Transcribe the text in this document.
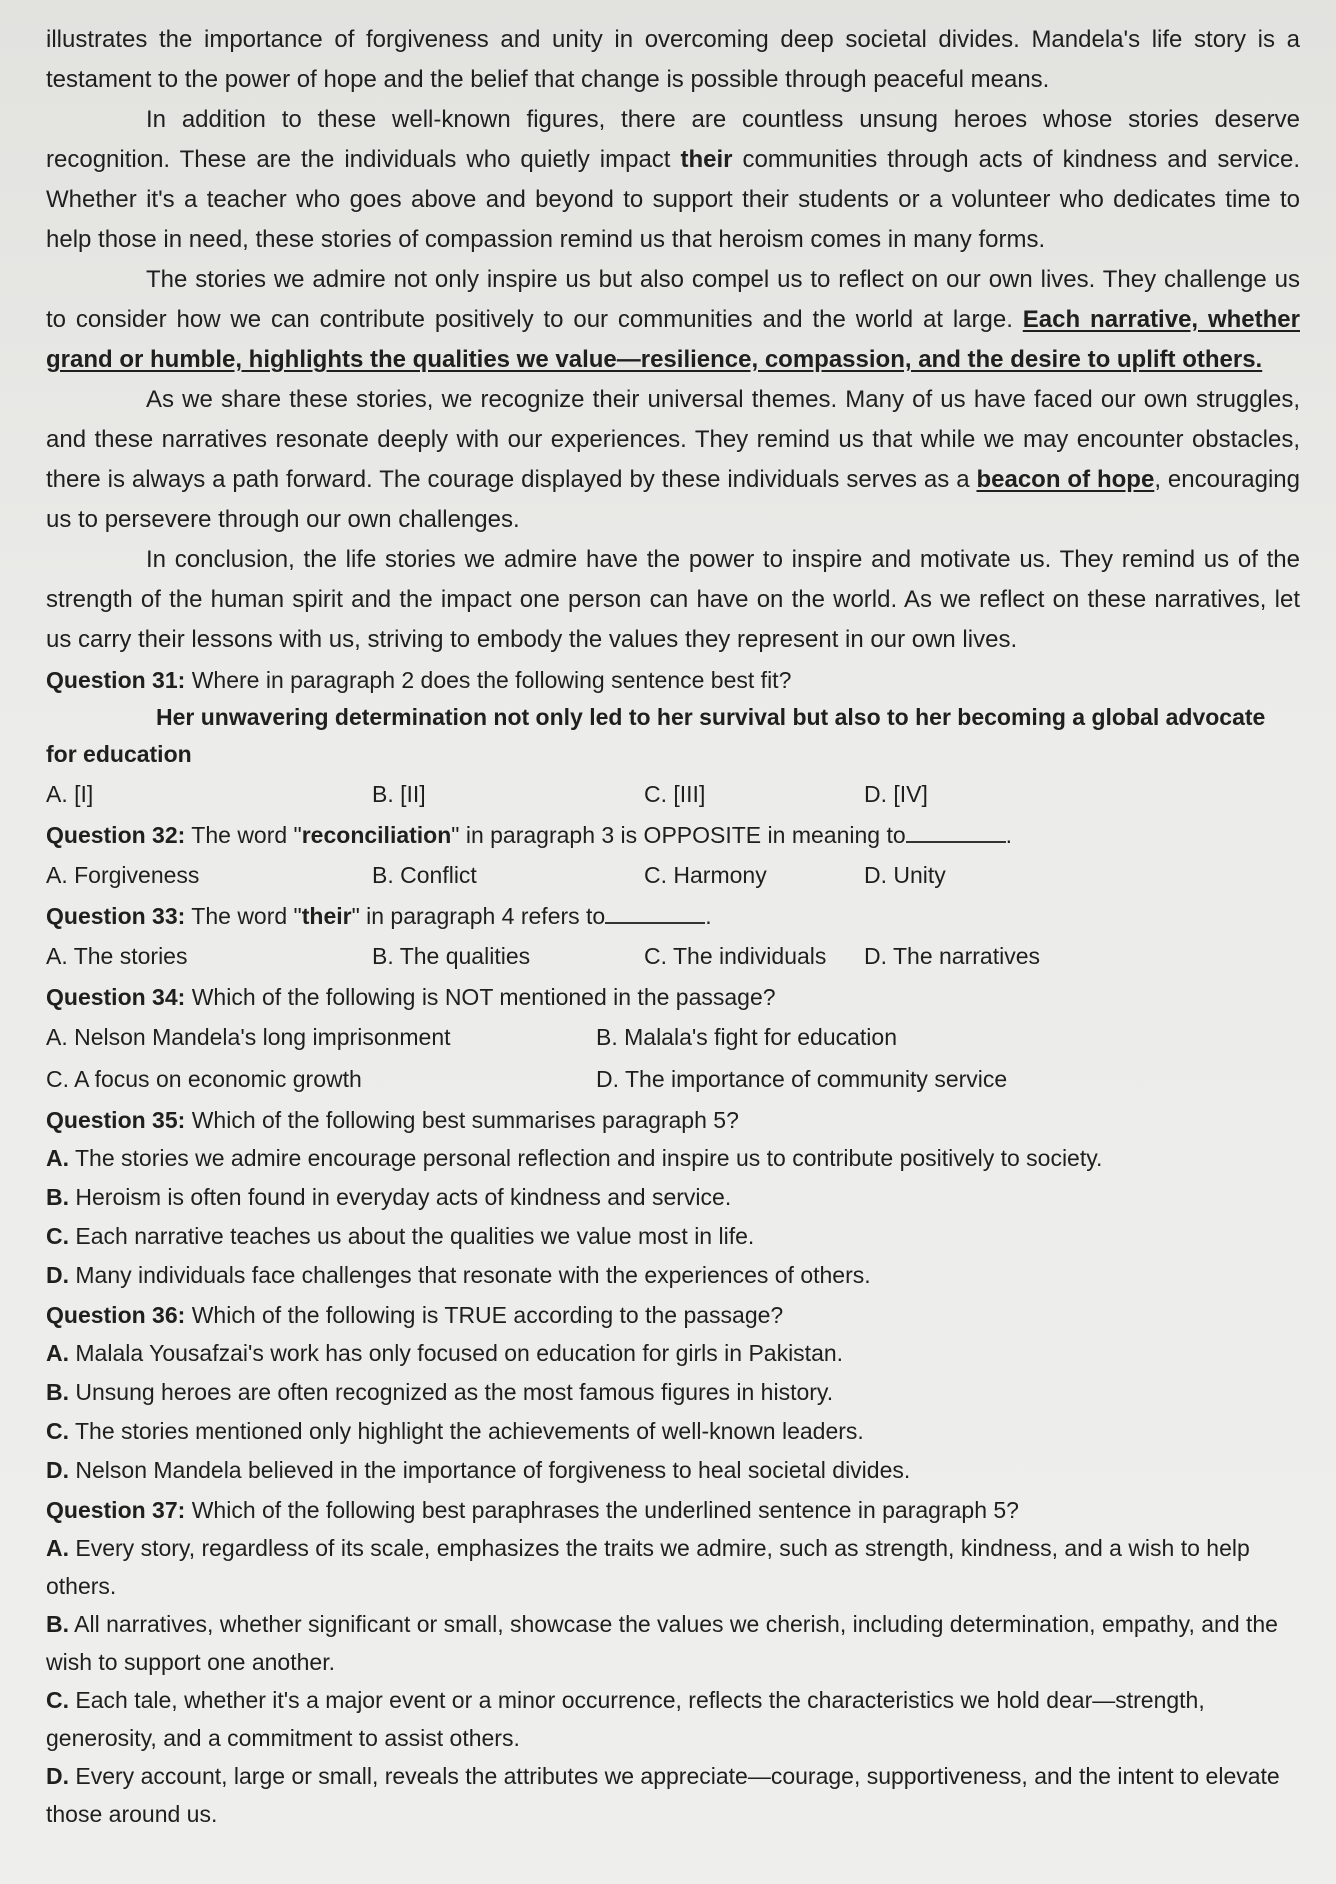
illustrates the importance of forgiveness and unity in overcoming deep societal divides. Mandela's life story is a testament to the power of hope and the belief that change is possible through peaceful means.

In addition to these well-known figures, there are countless unsung heroes whose stories deserve recognition. These are the individuals who quietly impact their communities through acts of kindness and service. Whether it's a teacher who goes above and beyond to support their students or a volunteer who dedicates time to help those in need, these stories of compassion remind us that heroism comes in many forms.

The stories we admire not only inspire us but also compel us to reflect on our own lives. They challenge us to consider how we can contribute positively to our communities and the world at large. Each narrative, whether grand or humble, highlights the qualities we value—resilience, compassion, and the desire to uplift others.

As we share these stories, we recognize their universal themes. Many of us have faced our own struggles, and these narratives resonate deeply with our experiences. They remind us that while we may encounter obstacles, there is always a path forward. The courage displayed by these individuals serves as a beacon of hope, encouraging us to persevere through our own challenges.

In conclusion, the life stories we admire have the power to inspire and motivate us. They remind us of the strength of the human spirit and the impact one person can have on the world. As we reflect on these narratives, let us carry their lessons with us, striving to embody the values they represent in our own lives.

Question 31: Where in paragraph 2 does the following sentence best fit?

Her unwavering determination not only led to her survival but also to her becoming a global advocate for education

A. [I]	B. [II]	C. [III]	D. [IV]

Question 32: The word "reconciliation" in paragraph 3 is OPPOSITE in meaning to	.

A. Forgiveness	B. Conflict	C. Harmony	D. Unity

Question 33: The word "their" in paragraph 4 refers to	.

A. The stories	B. The qualities	C. The individuals	D. The narratives

Question 34: Which of the following is NOT mentioned in the passage?

A. Nelson Mandela's long imprisonment	B. Malala's fight for education
C. A focus on economic growth	D. The importance of community service

Question 35: Which of the following best summarises paragraph 5?

A. The stories we admire encourage personal reflection and inspire us to contribute positively to society.
B. Heroism is often found in everyday acts of kindness and service.
C. Each narrative teaches us about the qualities we value most in life.
D. Many individuals face challenges that resonate with the experiences of others.

Question 36: Which of the following is TRUE according to the passage?

A. Malala Yousafzai's work has only focused on education for girls in Pakistan.
B. Unsung heroes are often recognized as the most famous figures in history.
C. The stories mentioned only highlight the achievements of well-known leaders.
D. Nelson Mandela believed in the importance of forgiveness to heal societal divides.

Question 37: Which of the following best paraphrases the underlined sentence in paragraph 5?

A. Every story, regardless of its scale, emphasizes the traits we admire, such as strength, kindness, and a wish to help others.

B. All narratives, whether significant or small, showcase the values we cherish, including determination, empathy, and the wish to support one another.

C. Each tale, whether it's a major event or a minor occurrence, reflects the characteristics we hold dear—strength, generosity, and a commitment to assist others.

D. Every account, large or small, reveals the attributes we appreciate—courage, supportiveness, and the intent to elevate those around us.
